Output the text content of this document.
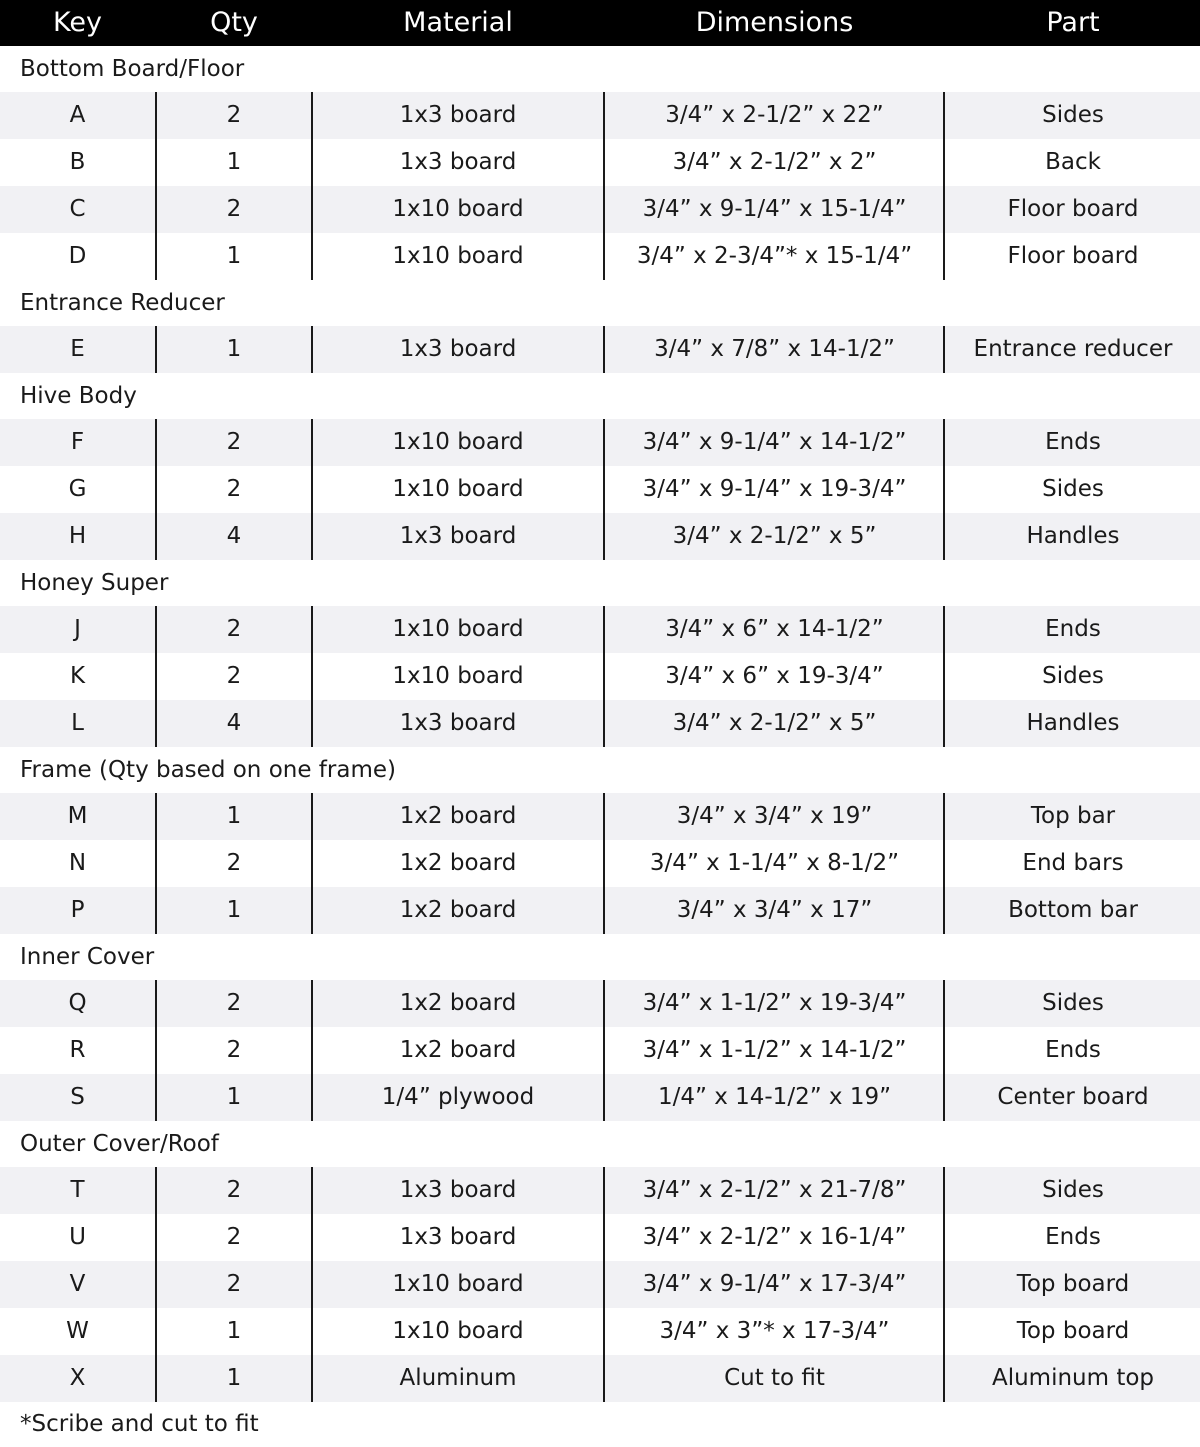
Key	Qty	Material	Dimensions	Part
Bottom Board/Floor
A	2	1x3 board	3/4” x 2-1/2” x 22”	Sides
B	1	1x3 board	3/4” x 2-1/2” x 2”	Back
C	2	1x10 board	3/4” x 9-1/4” x 15-1/4”	Floor board
D	1	1x10 board	3/4” x 2-3/4”* x 15-1/4”	Floor board
Entrance Reducer
E	1	1x3 board	3/4” x 7/8” x 14-1/2”	Entrance reducer
Hive Body
F	2	1x10 board	3/4” x 9-1/4” x 14-1/2”	Ends
G	2	1x10 board	3/4” x 9-1/4” x 19-3/4”	Sides
H	4	1x3 board	3/4” x 2-1/2” x 5”	Handles
Honey Super
J	2	1x10 board	3/4” x 6” x 14-1/2”	Ends
K	2	1x10 board	3/4” x 6” x 19-3/4”	Sides
L	4	1x3 board	3/4” x 2-1/2” x 5”	Handles
Frame (Qty based on one frame)
M	1	1x2 board	3/4” x 3/4” x 19”	Top bar
N	2	1x2 board	3/4” x 1-1/4” x 8-1/2”	End bars
P	1	1x2 board	3/4” x 3/4” x 17”	Bottom bar
Inner Cover
Q	2	1x2 board	3/4” x 1-1/2” x 19-3/4”	Sides
R	2	1x2 board	3/4” x 1-1/2” x 14-1/2”	Ends
S	1	1/4” plywood	1/4” x 14-1/2” x 19”	Center board
Outer Cover/Roof
T	2	1x3 board	3/4” x 2-1/2” x 21-7/8”	Sides
U	2	1x3 board	3/4” x 2-1/2” x 16-1/4”	Ends
V	2	1x10 board	3/4” x 9-1/4” x 17-3/4”	Top board
W	1	1x10 board	3/4” x 3”* x 17-3/4”	Top board
X	1	Aluminum	Cut to fit	Aluminum top
*Scribe and cut to fit
